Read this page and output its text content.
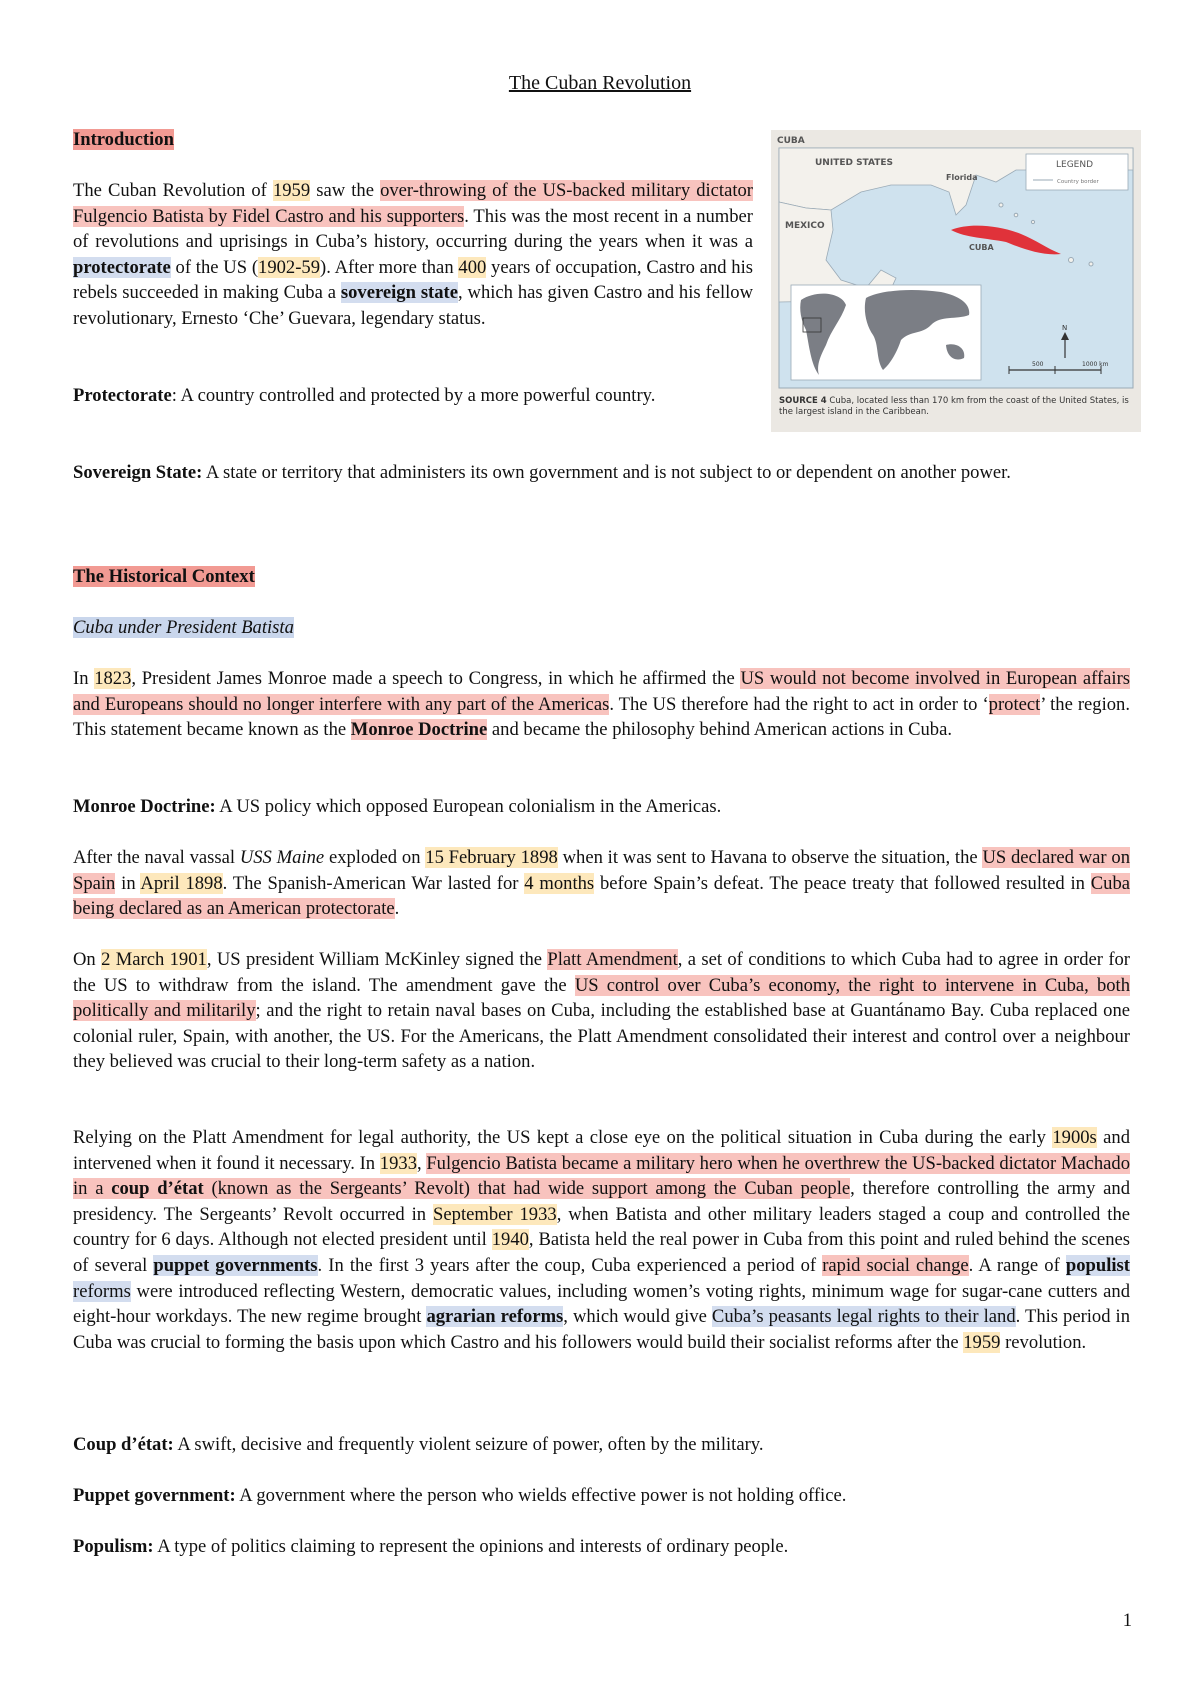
The Cuban Revolution

Introduction

The Cuban Revolution of 1959 saw the over-throwing of the US-backed military dictator Fulgencio Batista by Fidel Castro and his supporters. This was the most recent in a number of revolutions and uprisings in Cuba’s history, occurring during the years when it was a protectorate of the US (1902-59). After more than 400 years of occupation, Castro and his rebels succeeded in making Cuba a sovereign state, which has given Castro and his fellow revolutionary, Ernesto ‘Che’ Guevara, legendary status.

Protectorate: A country controlled and protected by a more powerful country.

Sovereign State: A state or territory that administers its own government and is not subject to or dependent on another power.

CUBA
UNITED STATES
Florida
MEXICO
CUBA
LEGEND
Country border
500	1000 km
N
SOURCE 4 Cuba, located less than 170 km from the coast of the United States, is the largest island in the Caribbean.

The Historical Context

Cuba under President Batista

In 1823, President James Monroe made a speech to Congress, in which he affirmed the US would not become involved in European affairs and Europeans should no longer interfere with any part of the Americas. The US therefore had the right to act in order to ‘protect’ the region. This statement became known as the Monroe Doctrine and became the philosophy behind American actions in Cuba.

Monroe Doctrine: A US policy which opposed European colonialism in the Americas.

After the naval vassal USS Maine exploded on 15 February 1898 when it was sent to Havana to observe the situation, the US declared war on Spain in April 1898. The Spanish-American War lasted for 4 months before Spain’s defeat. The peace treaty that followed resulted in Cuba being declared as an American protectorate.

On 2 March 1901, US president William McKinley signed the Platt Amendment, a set of conditions to which Cuba had to agree in order for the US to withdraw from the island. The amendment gave the US control over Cuba’s economy, the right to intervene in Cuba, both politically and militarily; and the right to retain naval bases on Cuba, including the established base at Guantánamo Bay. Cuba replaced one colonial ruler, Spain, with another, the US. For the Americans, the Platt Amendment consolidated their interest and control over a neighbour they believed was crucial to their long-term safety as a nation.

Relying on the Platt Amendment for legal authority, the US kept a close eye on the political situation in Cuba during the early 1900s and intervened when it found it necessary. In 1933, Fulgencio Batista became a military hero when he overthrew the US-backed dictator Machado in a coup d’état (known as the Sergeants’ Revolt) that had wide support among the Cuban people, therefore controlling the army and presidency. The Sergeants’ Revolt occurred in September 1933, when Batista and other military leaders staged a coup and controlled the country for 6 days. Although not elected president until 1940, Batista held the real power in Cuba from this point and ruled behind the scenes of several puppet governments. In the first 3 years after the coup, Cuba experienced a period of rapid social change. A range of populist reforms were introduced reflecting Western, democratic values, including women’s voting rights, minimum wage for sugar-cane cutters and eight-hour workdays. The new regime brought agrarian reforms, which would give Cuba’s peasants legal rights to their land. This period in Cuba was crucial to forming the basis upon which Castro and his followers would build their socialist reforms after the 1959 revolution.

Coup d’état: A swift, decisive and frequently violent seizure of power, often by the military.

Puppet government: A government where the person who wields effective power is not holding office.

Populism: A type of politics claiming to represent the opinions and interests of ordinary people.

1
